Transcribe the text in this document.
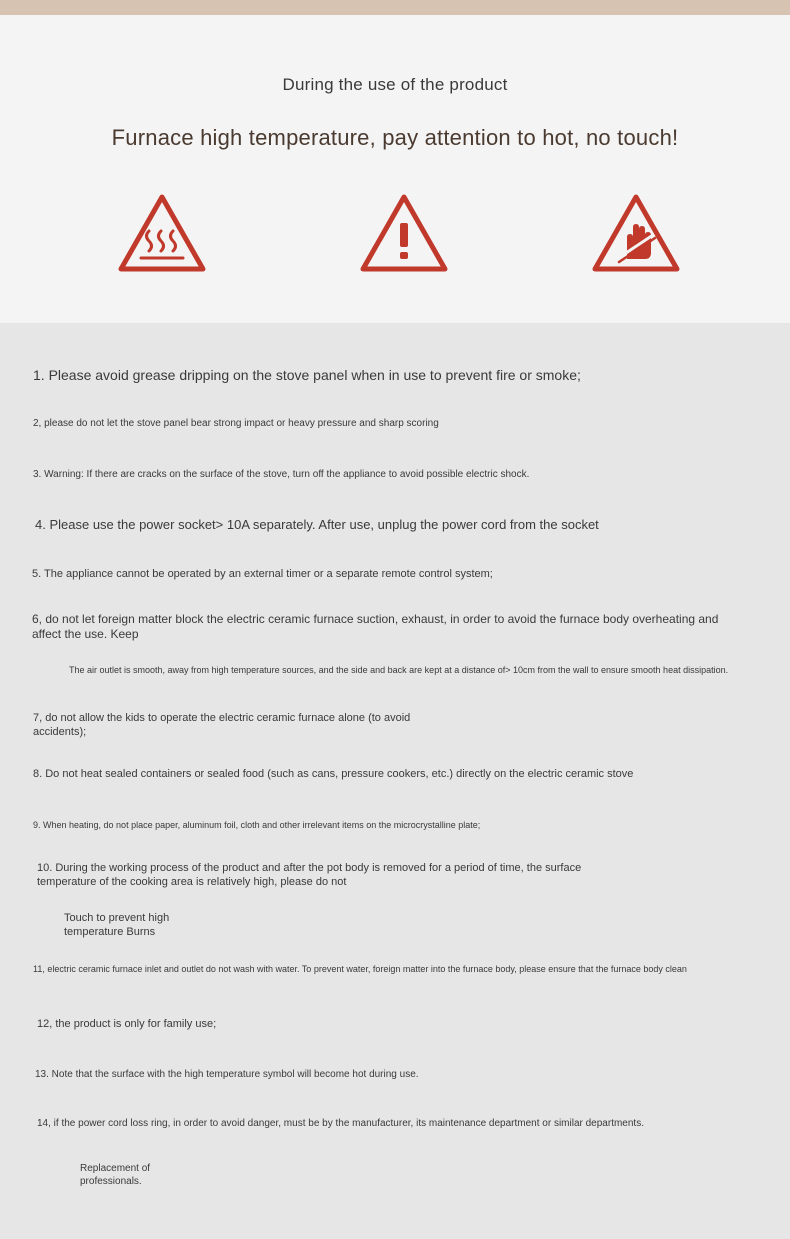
During the use of the product
Furnace high temperature, pay attention to hot, no touch!

1. Please avoid grease dripping on the stove panel when in use to prevent fire or smoke;

2, please do not let the stove panel bear strong impact or heavy pressure and sharp scoring

3. Warning: If there are cracks on the surface of the stove, turn off the appliance to avoid possible electric shock.

4. Please use the power socket> 10A separately. After use, unplug the power cord from the socket

5. The appliance cannot be operated by an external timer or a separate remote control system;

6, do not let foreign matter block the electric ceramic furnace suction, exhaust, in order to avoid the furnace body overheating and affect the use. Keep

The air outlet is smooth, away from high temperature sources, and the side and back are kept at a distance of> 10cm from the wall to ensure smooth heat dissipation.

7, do not allow the kids to operate the electric ceramic furnace alone (to avoid accidents);

8. Do not heat sealed containers or sealed food (such as cans, pressure cookers, etc.) directly on the electric ceramic stove

9. When heating, do not place paper, aluminum foil, cloth and other irrelevant items on the microcrystalline plate;

10. During the working process of the product and after the pot body is removed for a period of time, the surface temperature of the cooking area is relatively high, please do not

Touch to prevent high temperature Burns

11, electric ceramic furnace inlet and outlet do not wash with water. To prevent water, foreign matter into the furnace body, please ensure that the furnace body clean

12, the product is only for family use;

13. Note that the surface with the high temperature symbol will become hot during use.

14, if the power cord loss ring, in order to avoid danger, must be by the manufacturer, its maintenance department or similar departments.

Replacement of professionals.
